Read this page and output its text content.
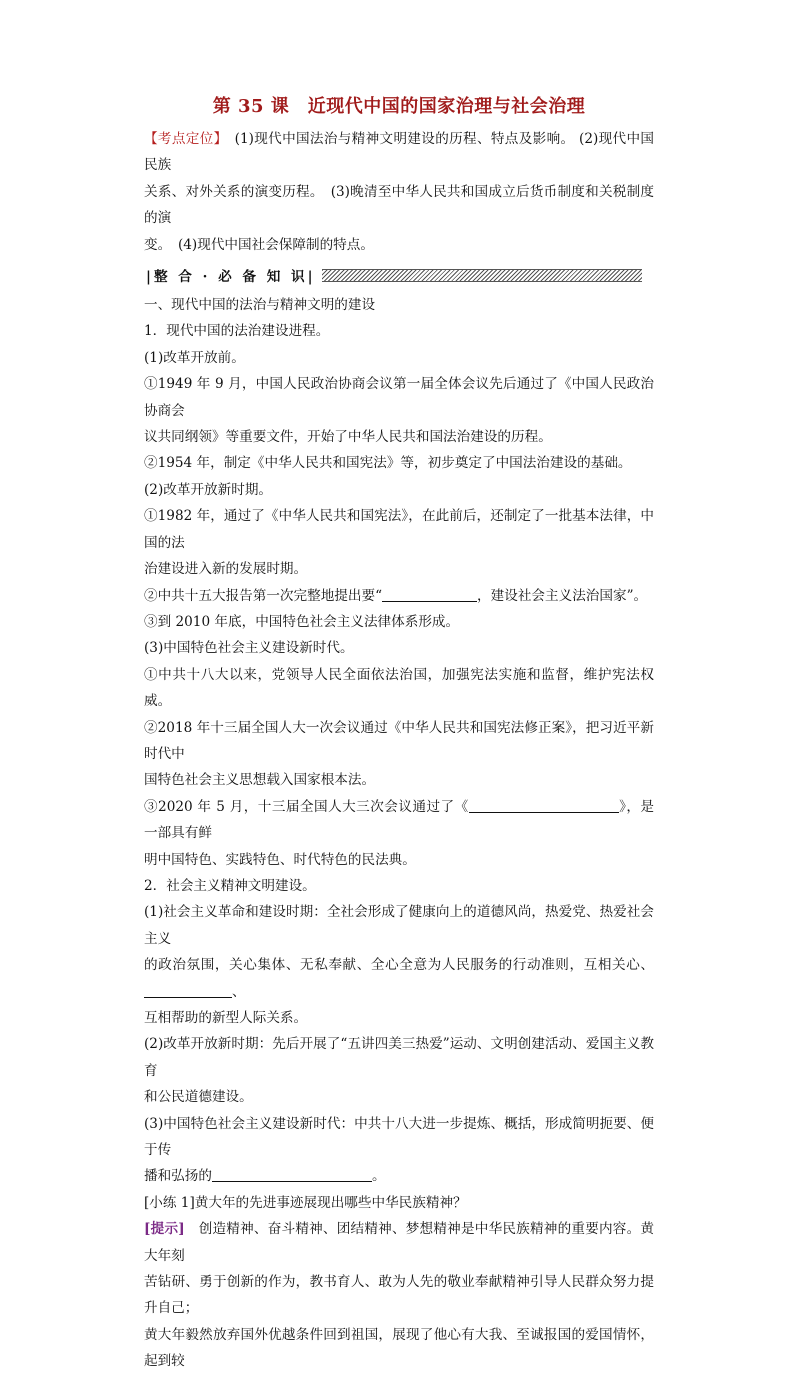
第 35 课　近现代中国的国家治理与社会治理

【考点定位】　(1)现代中国法治与精神文明建设的历程、特点及影响。 (2)现代中国民族

关系、对外关系的演变历程。　(3)晚清至中华人民共和国成立后货币制度和关税制度的演

变。　(4)现代中国社会保障制的特点。

|整 合 · 必 备 知 识|

一、现代中国的法治与精神文明的建设

1．现代中国的法治建设进程。

(1)改革开放前。

①1949 年 9 月，中国人民政治协商会议第一届全体会议先后通过了《中国人民政治协商会

议共同纲领》等重要文件，开始了中华人民共和国法治建设的历程。

②1954 年，制定《中华人民共和国宪法》等，初步奠定了中国法治建设的基础。

(2)改革开放新时期。

①1982 年，通过了《中华人民共和国宪法》，在此前后，还制定了一批基本法律，中国的法

治建设进入新的发展时期。

②中共十五大报告第一次完整地提出要“	，建设社会主义法治国家”。

③到 2010 年底，中国特色社会主义法律体系形成。

(3)中国特色社会主义建设新时代。

①中共十八大以来，党领导人民全面依法治国，加强宪法实施和监督，维护宪法权威。

②2018 年十三届全国人大一次会议通过《中华人民共和国宪法修正案》，把习近平新时代中

国特色社会主义思想载入国家根本法。

③2020 年 5 月，十三届全国人大三次会议通过了《	》，是一部具有鲜

明中国特色、实践特色、时代特色的民法典。

2．社会主义精神文明建设。

(1)社会主义革命和建设时期：全社会形成了健康向上的道德风尚，热爱党、热爱社会主义

的政治氛围，关心集体、无私奉献、全心全意为人民服务的行动准则，互相关心、、

互相帮助的新型人际关系。

(2)改革开放新时期：先后开展了“五讲四美三热爱”运动、文明创建活动、爱国主义教育

和公民道德建设。

(3)中国特色社会主义建设新时代：中共十八大进一步提炼、概括，形成简明扼要、便于传

播和弘扬的	。

[小练 1]黄大年的先进事迹展现出哪些中华民族精神？

[提示]　创造精神、奋斗精神、团结精神、梦想精神是中华民族精神的重要内容。黄大年刻

苦钻研、勇于创新的作为，教书育人、敢为人先的敬业奉献精神引导人民群众努力提升自己；

黄大年毅然放弃国外优越条件回到祖国，展现了他心有大我、至诚报国的爱国情怀，起到较
